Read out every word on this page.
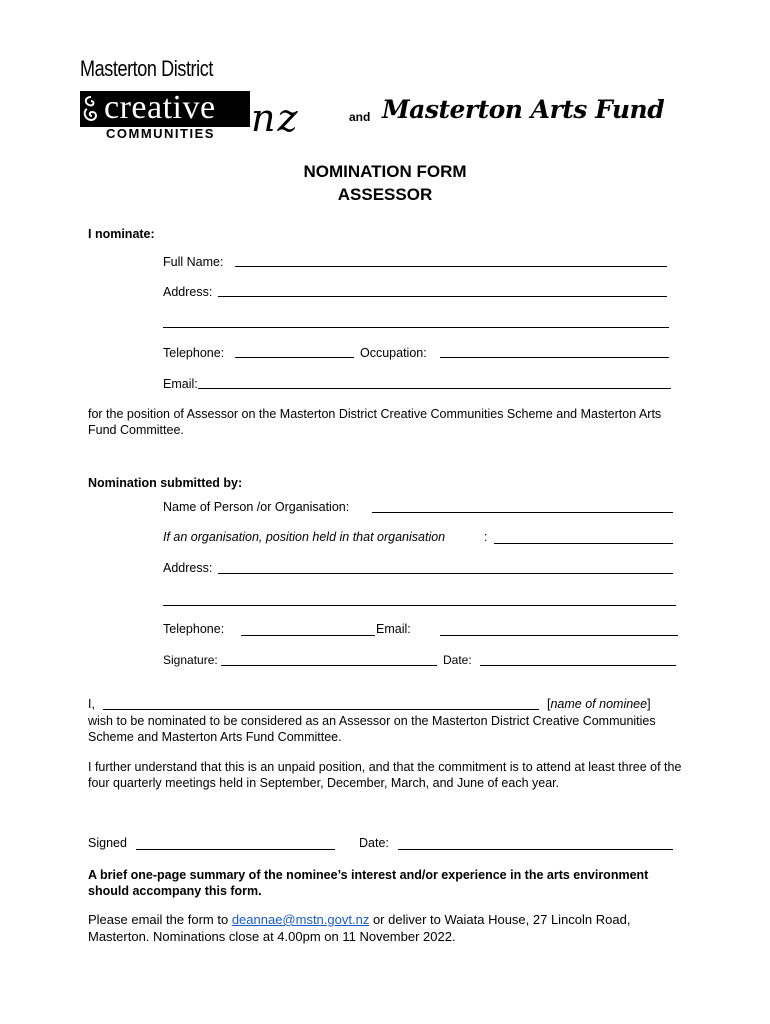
Masterton District
creative
COMMUNITIES nz	and Masterton Arts Fund
NOMINATION FORM
ASSESSOR
I nominate:
Full Name:
Address:
Telephone:	Occupation:
Email:
for the position of Assessor on the Masterton District Creative Communities Scheme and Masterton Arts Fund Committee.
Nomination submitted by:
Name of Person /or Organisation:
If an organisation, position held in that organisation	:
Address:
Telephone:	Email:
Signature:	Date:
I,	[name of nominee]
wish to be nominated to be considered as an Assessor on the Masterton District Creative Communities Scheme and Masterton Arts Fund Committee.
I further understand that this is an unpaid position, and that the commitment is to attend at least three of the four quarterly meetings held in September, December, March, and June of each year.
Signed	Date:
A brief one-page summary of the nominee’s interest and/or experience in the arts environment should accompany this form.
Please email the form to deannae@mstn.govt.nz or deliver to Waiata House, 27 Lincoln Road,
Masterton. Nominations close at 4.00pm on 11 November 2022.
